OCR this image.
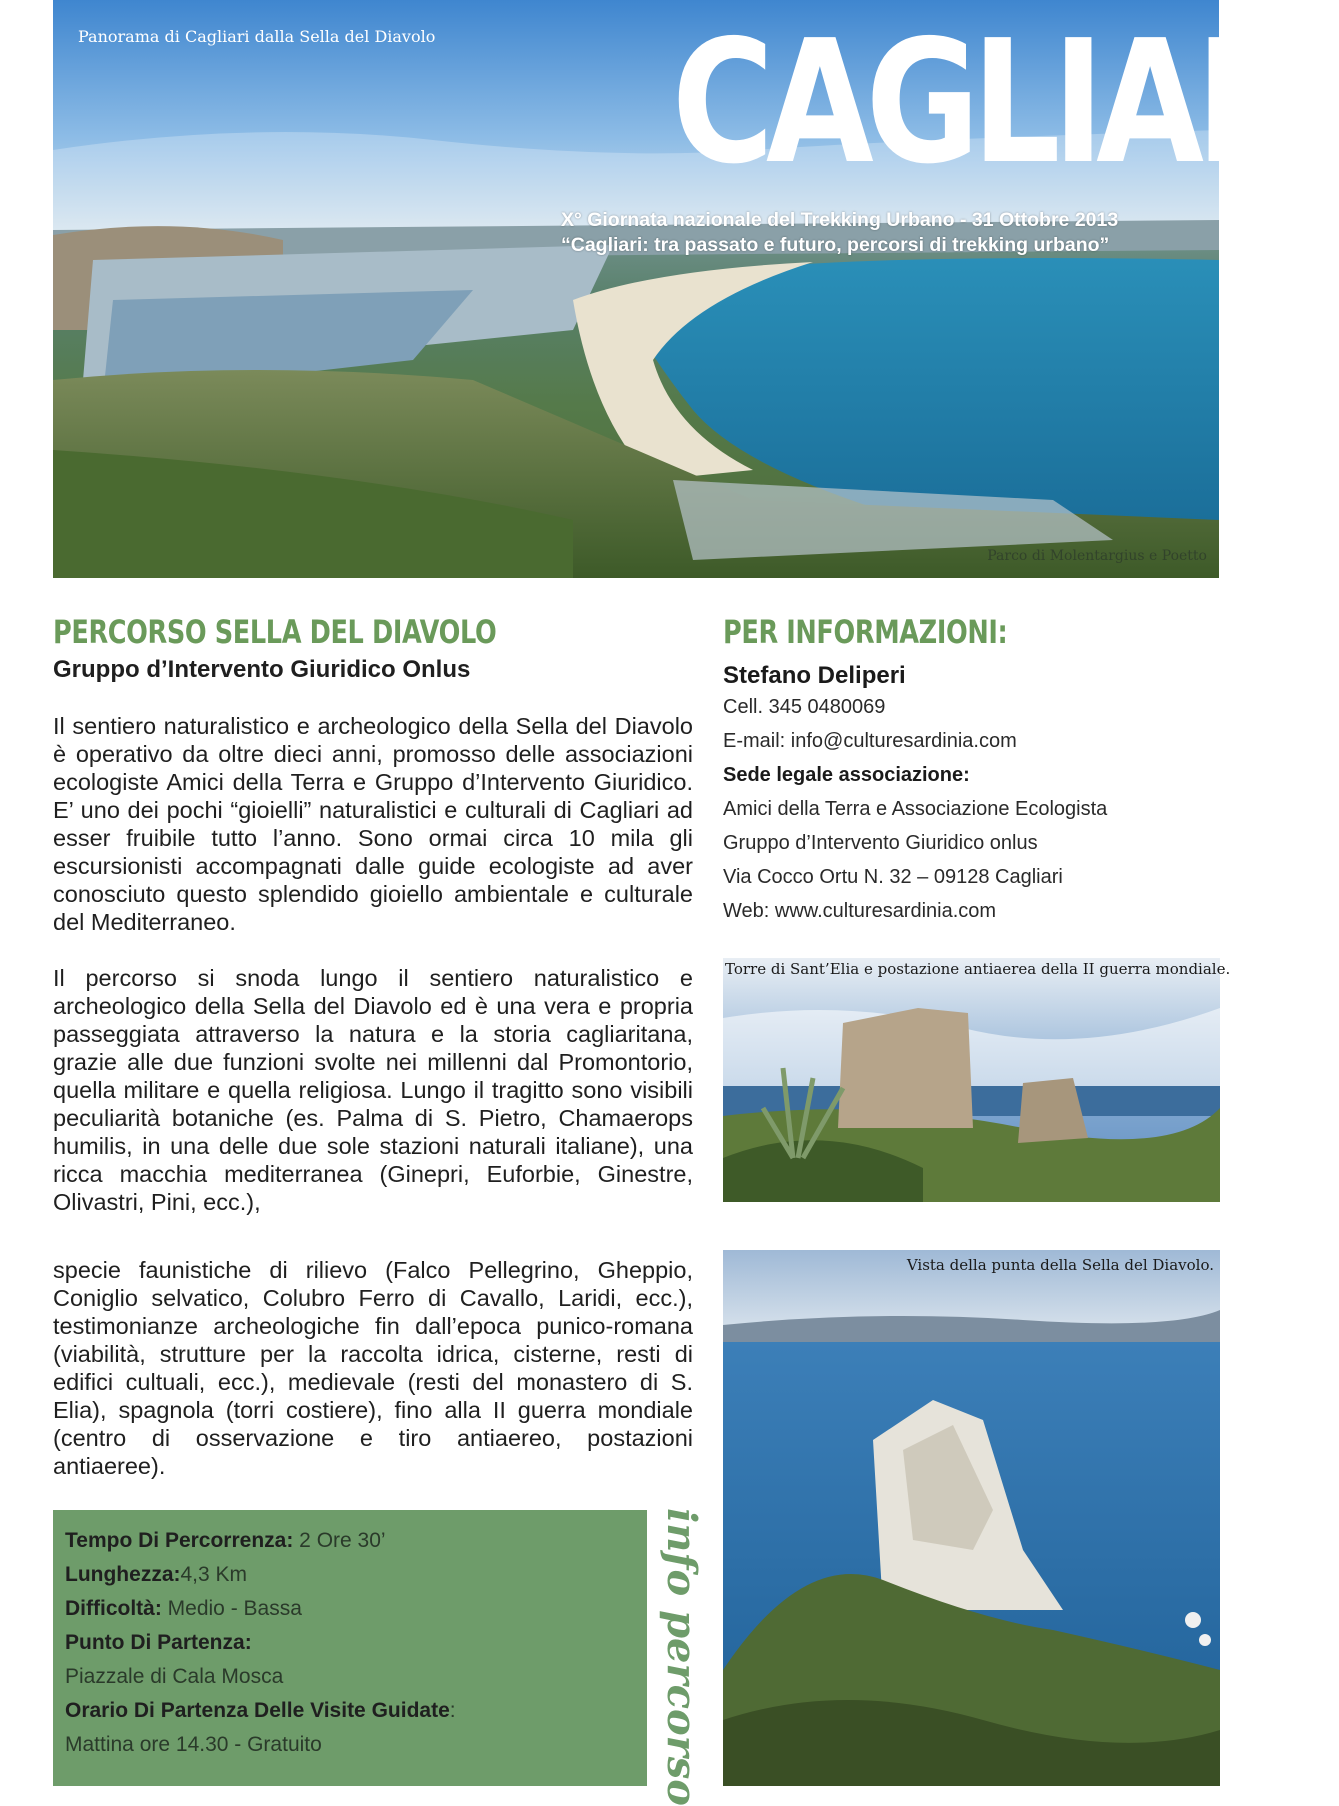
Panorama di Cagliari dalla Sella del Diavolo CAGLIARI
X° Giornata nazionale del Trekking Urbano - 31 Ottobre 2013
“Cagliari: tra passato e futuro, percorsi di trekking urbano”
Parco di Molentargius e Poetto
PERCORSO SELLA DEL DIAVOLO
Gruppo d’Intervento Giuridico Onlus

Il sentiero naturalistico e archeologico della Sella del Diavolo è operativo da oltre dieci anni, promosso delle associazioni ecologiste Amici della Terra e Gruppo d’Intervento Giuridico. E’ uno dei pochi “gioielli” naturalistici e culturali di Cagliari ad esser fruibile tutto l’anno. Sono ormai circa 10 mila gli escursionisti accompagnati dalle guide ecologiste ad aver conosciuto questo splendido gioiello ambientale e culturale del Mediterraneo.

Il percorso si snoda lungo il sentiero naturalistico e archeologico della Sella del Diavolo ed è una vera e propria passeggiata attraverso la natura e la storia cagliaritana, grazie alle due funzioni svolte nei millenni dal Promontorio, quella militare e quella religiosa. Lungo il tragitto sono visibili peculiarità botaniche (es. Palma di S. Pietro, Chamaerops humilis, in una delle due sole stazioni naturali italiane), una ricca macchia mediterranea (Ginepri, Euforbie, Ginestre, Olivastri, Pini, ecc.),

specie faunistiche di rilievo (Falco Pellegrino, Gheppio, Coniglio selvatico, Colubro Ferro di Cavallo, Laridi, ecc.), testimonianze archeologiche fin dall’epoca punico-romana (viabilità, strutture per la raccolta idrica, cisterne, resti di edifici cultuali, ecc.), medievale (resti del monastero di S. Elia), spagnola (torri costiere), fino alla II guerra mondiale (centro di osservazione e tiro antiaereo, postazioni antiaeree).

Tempo Di Percorrenza: 2 Ore 30’
Lunghezza:4,3 Km
Difficoltà: Medio - Bassa
Punto Di Partenza:
Piazzale di Cala Mosca
Orario Di Partenza Delle Visite Guidate:
Mattina ore 14.30 - Gratuito	info percorso
PER INFORMAZIONI:
Stefano Deliperi
Cell. 345 0480069
E-mail: info@culturesardinia.com
Sede legale associazione:
Amici della Terra e Associazione Ecologista
Gruppo d’Intervento Giuridico onlus
Via Cocco Ortu N. 32 – 09128 Cagliari
Web: www.culturesardinia.com
Torre di Sant’Elia e postazione antiaerea della II guerra mondiale.
Vista della punta della Sella del Diavolo.
